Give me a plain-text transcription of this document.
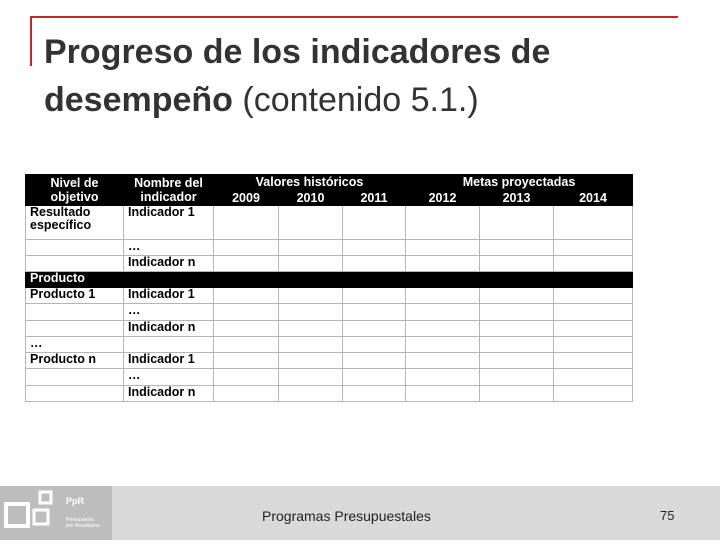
Progreso de los indicadores de
desempeño (contenido 5.1.)
Nivel de
objetivo	Nombre del
indicador	Valores históricos			Metas proyectadas		
		2009	2010	2011	2012	2013	2014
Resultado
específico	Indicador 1						
	…						
	Indicador n						
Producto							
Producto 1	Indicador 1						
	…						
	Indicador n						
…							
Producto n	Indicador 1						
	…						
	Indicador n						
PpR
Presupuesto
por Resultados
Programas Presupuestales	75
